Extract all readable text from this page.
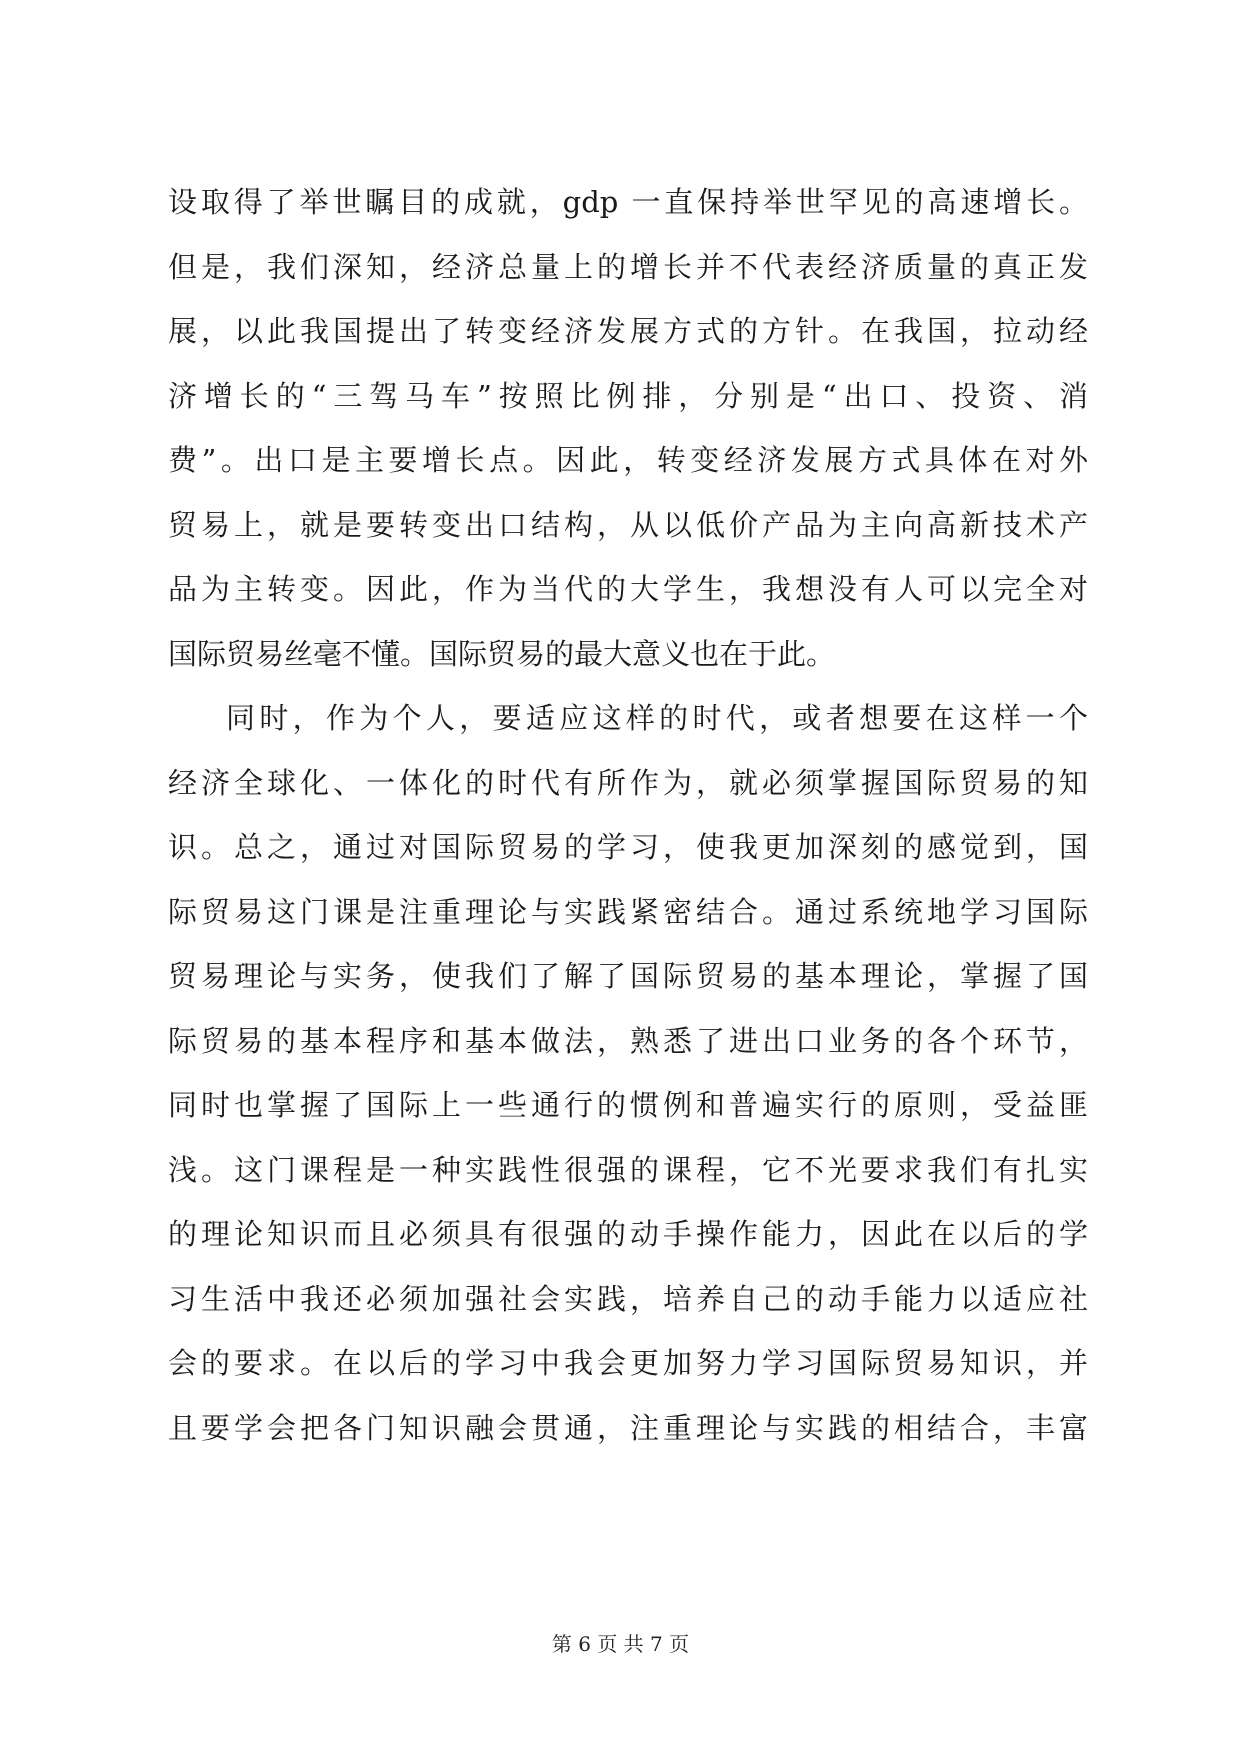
设取得了举世瞩目的成就，gdp 一直保持举世罕见的高速增长。
但是，我们深知，经济总量上的增长并不代表经济质量的真正发
展，以此我国提出了转变经济发展方式的方针。在我国，拉动经
济增长的“三驾马车”按照比例排，分别是“出口、投资、消
费”。出口是主要增长点。因此，转变经济发展方式具体在对外
贸易上，就是要转变出口结构，从以低价产品为主向高新技术产
品为主转变。因此，作为当代的大学生，我想没有人可以完全对
国际贸易丝毫不懂。国际贸易的最大意义也在于此。
同时，作为个人，要适应这样的时代，或者想要在这样一个
经济全球化、一体化的时代有所作为，就必须掌握国际贸易的知
识。总之，通过对国际贸易的学习，使我更加深刻的感觉到，国
际贸易这门课是注重理论与实践紧密结合。通过系统地学习国际
贸易理论与实务，使我们了解了国际贸易的基本理论，掌握了国
际贸易的基本程序和基本做法，熟悉了进出口业务的各个环节，
同时也掌握了国际上一些通行的惯例和普遍实行的原则，受益匪
浅。这门课程是一种实践性很强的课程，它不光要求我们有扎实
的理论知识而且必须具有很强的动手操作能力，因此在以后的学
习生活中我还必须加强社会实践，培养自己的动手能力以适应社
会的要求。在以后的学习中我会更加努力学习国际贸易知识，并
且要学会把各门知识融会贯通，注重理论与实践的相结合，丰富
第 6 页 共 7 页
